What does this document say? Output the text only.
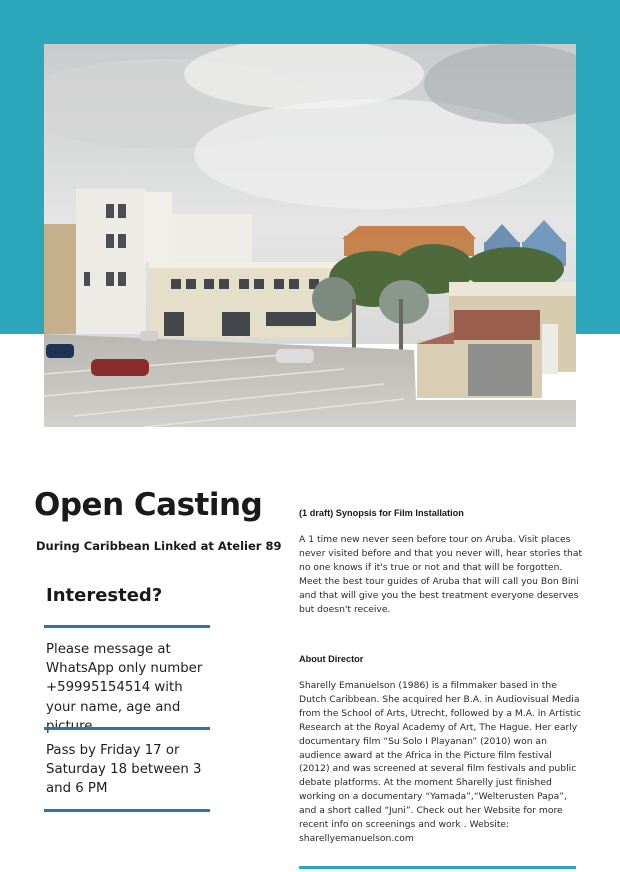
Open Casting
During Caribbean Linked at Atelier 89
Interested?
Please message at WhatsApp only number +59995154514 with your name, age and
Pass by Friday 17 or Saturday 18 between 3 and 6 PM
(1 draft) Synopsis for Film Installation
A 1 time new never seen before tour on Aruba. Visit places never visited before and that you never will, hear stories that no one knows if it's true or not and that will be forgotten. Meet the best tour guides of Aruba that will call you Bon Bini and that will give you the best treatment everyone deserves but doesn't receive.
About Director
Sharelly Emanuelson (1986) is a filmmaker based in the Dutch Caribbean. She acquired her B.A. in Audiovisual Media from the School of Arts, Utrecht, followed by a M.A. in Artistic Research at the Royal Academy of Art, The Hague. Her early documentary film “Su Solo I Playanan” (2010) won an audience award at the Africa in the Picture film festival (2012) and was screened at several film festivals and public debate platforms. At the moment Sharelly just finished working on a documentary “Yamada”,“Welterusten Papa”, and a short called “Juni”. Check out her Website for more recent info on screenings and work . Website: sharellyemanuelson.com
